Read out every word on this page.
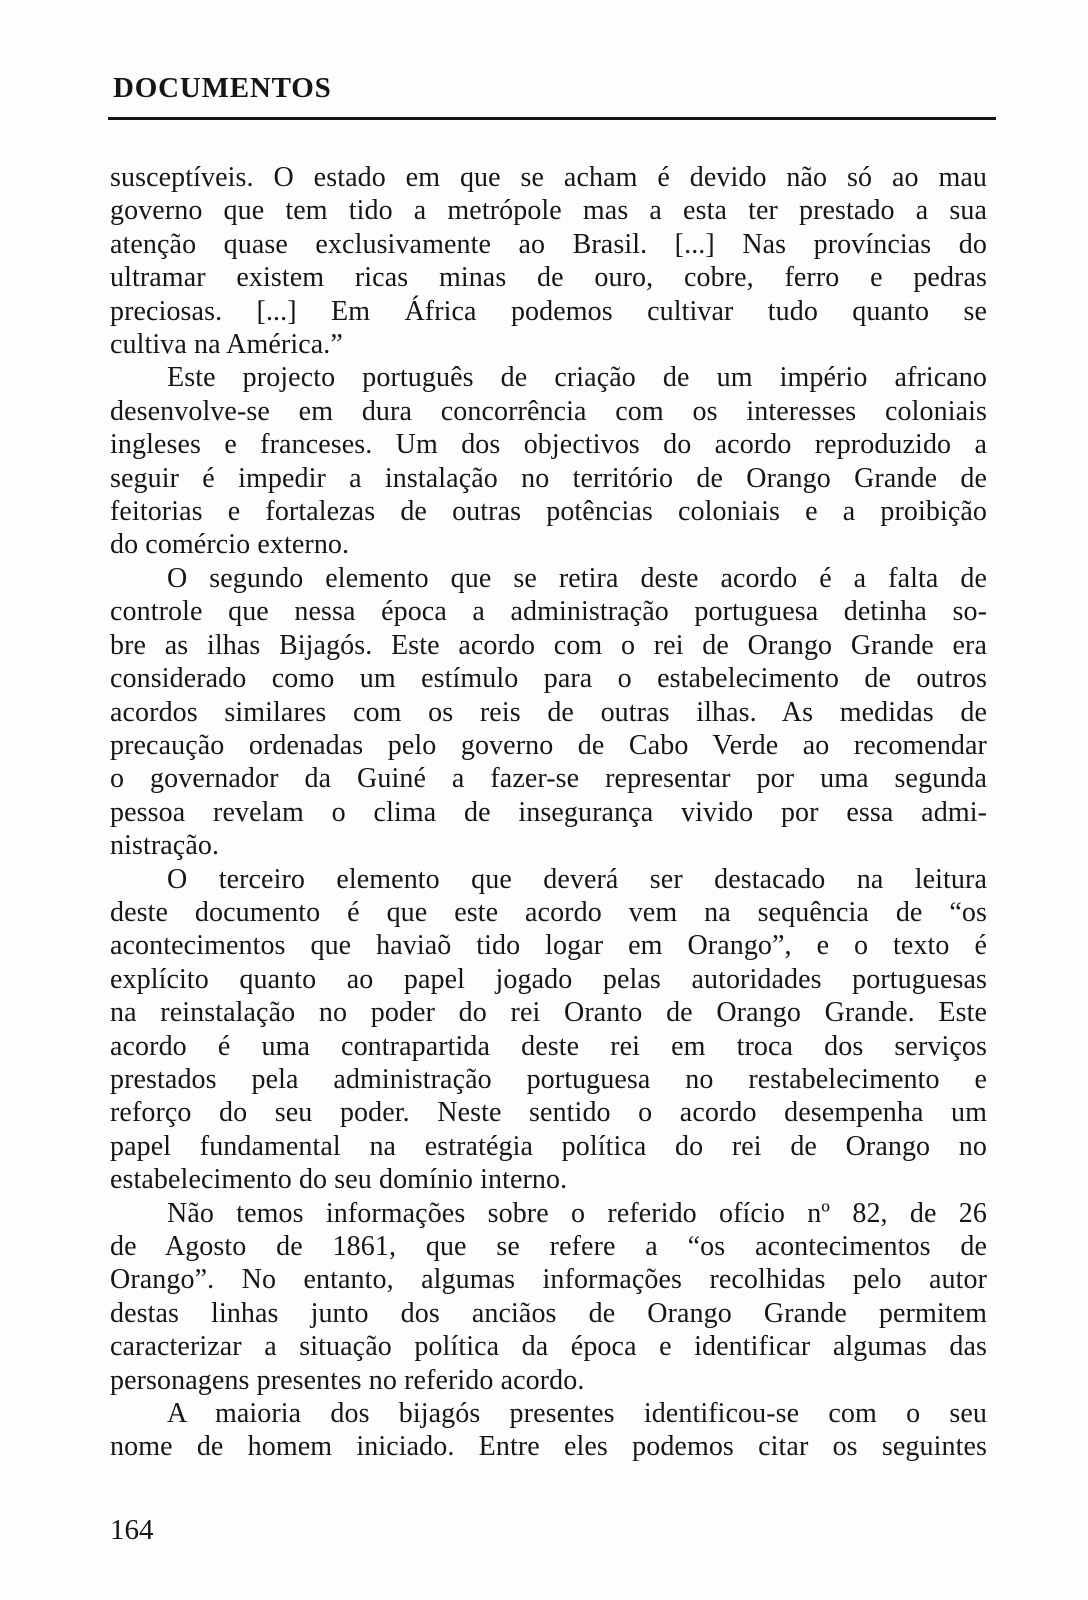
DOCUMENTOS
susceptíveis. O estado em que se acham é devido não só ao mau
governo que tem tido a metrópole mas a esta ter prestado a sua
atenção quase exclusivamente ao Brasil. [...] Nas províncias do
ultramar existem ricas minas de ouro, cobre, ferro e pedras
preciosas. [...] Em África podemos cultivar tudo quanto se
cultiva na América.”
Este projecto português de criação de um império africano
desenvolve-se em dura concorrência com os interesses coloniais
ingleses e franceses. Um dos objectivos do acordo reproduzido a
seguir é impedir a instalação no território de Orango Grande de
feitorias e fortalezas de outras potências coloniais e a proibição
do comércio externo.
O segundo elemento que se retira deste acordo é a falta de
controle que nessa época a administração portuguesa detinha so-
bre as ilhas Bijagós. Este acordo com o rei de Orango Grande era
considerado como um estímulo para o estabelecimento de outros
acordos similares com os reis de outras ilhas. As medidas de
precaução ordenadas pelo governo de Cabo Verde ao recomendar
o governador da Guiné a fazer-se representar por uma segunda
pessoa revelam o clima de insegurança vivido por essa admi-
nistração.
O terceiro elemento que deverá ser destacado na leitura
deste documento é que este acordo vem na sequência de “os
acontecimentos que haviaõ tido logar em Orango”, e o texto é
explícito quanto ao papel jogado pelas autoridades portuguesas
na reinstalação no poder do rei Oranto de Orango Grande. Este
acordo é uma contrapartida deste rei em troca dos serviços
prestados pela administração portuguesa no restabelecimento e
reforço do seu poder. Neste sentido o acordo desempenha um
papel fundamental na estratégia política do rei de Orango no
estabelecimento do seu domínio interno.
Não temos informações sobre o referido ofício nº 82, de 26
de Agosto de 1861, que se refere a “os acontecimentos de
Orango”. No entanto, algumas informações recolhidas pelo autor
destas linhas junto dos anciãos de Orango Grande permitem
caracterizar a situação política da época e identificar algumas das
personagens presentes no referido acordo.
A maioria dos bijagós presentes identificou-se com o seu
nome de homem iniciado. Entre eles podemos citar os seguintes
164
